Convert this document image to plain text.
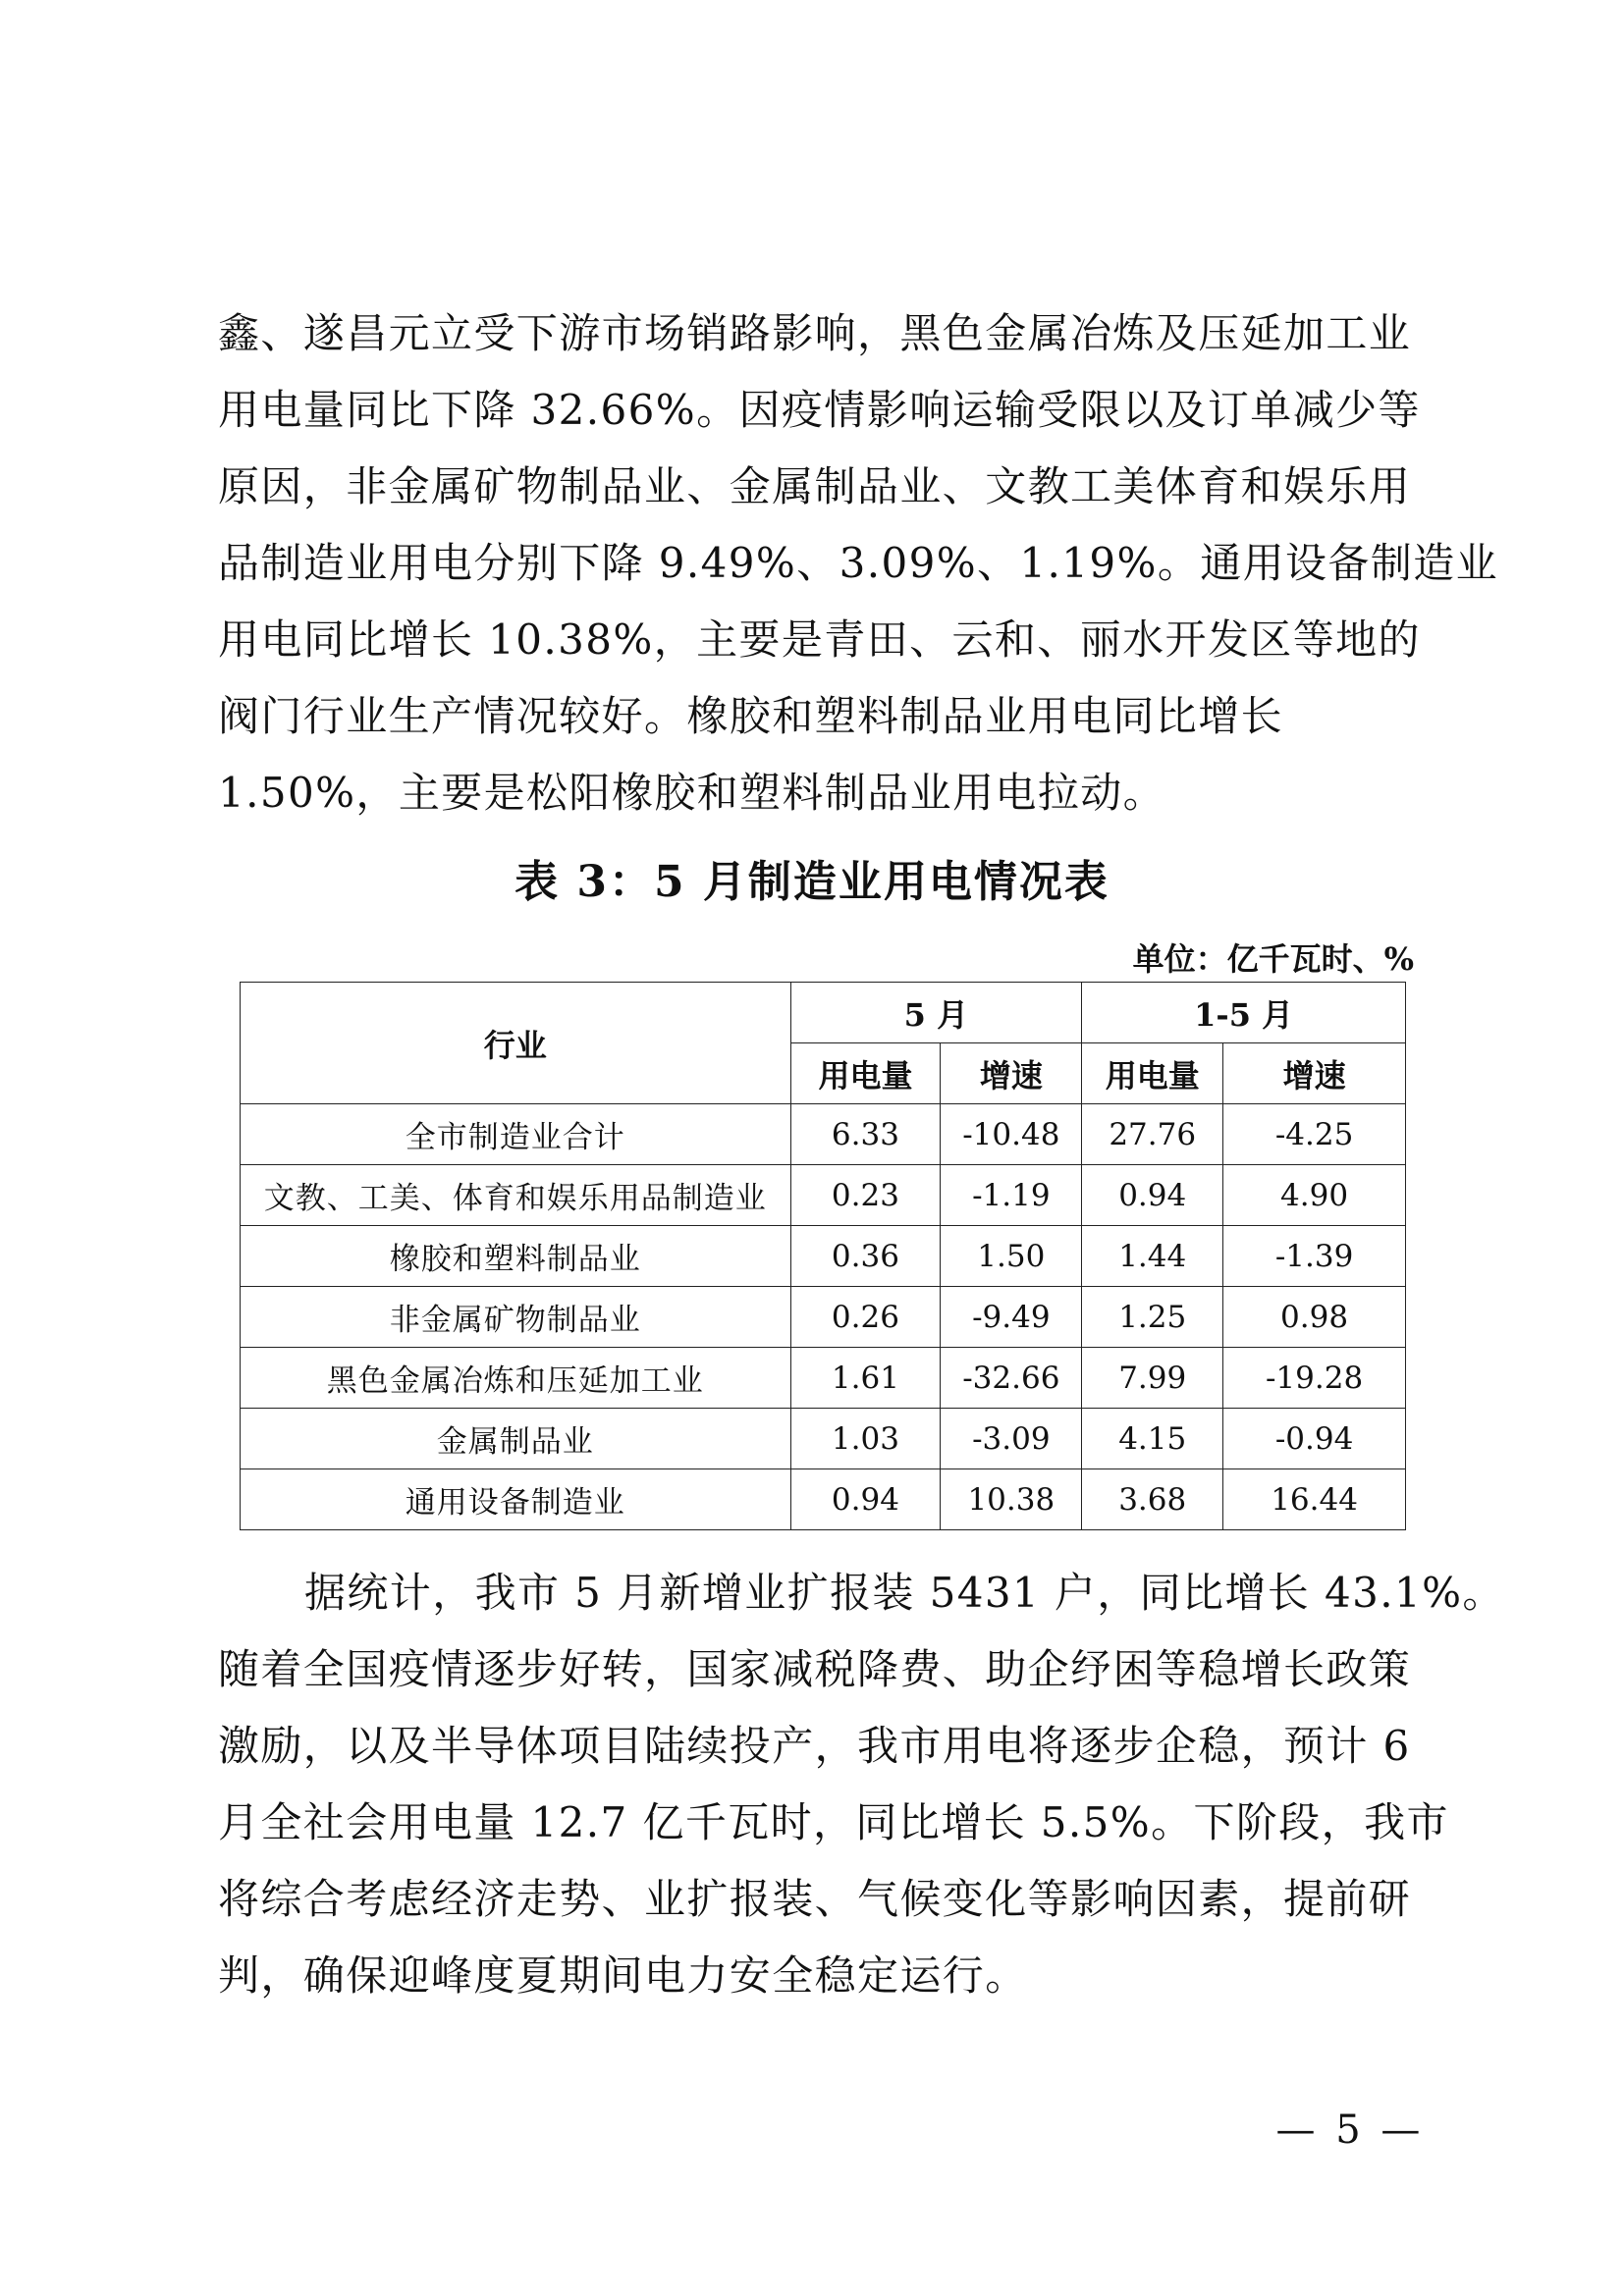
鑫、遂昌元立受下游市场销路影响，黑色金属冶炼及压延加工业
用电量同比下降 32.66%。因疫情影响运输受限以及订单减少等
原因，非金属矿物制品业、金属制品业、文教工美体育和娱乐用
品制造业用电分别下降 9.49%、3.09%、1.19%。通用设备制造业
用电同比增长 10.38%，主要是青田、云和、丽水开发区等地的
阀门行业生产情况较好。橡胶和塑料制品业用电同比增长
1.50%，主要是松阳橡胶和塑料制品业用电拉动。
表 3：5 月制造业用电情况表
单位：亿千瓦时、%
行业	5 月		1-5 月	
	用电量	增速	用电量	增速
全市制造业合计	6.33	-10.48	27.76	-4.25
文教、工美、体育和娱乐用品制造业	0.23	-1.19	0.94	4.90
橡胶和塑料制品业	0.36	1.50	1.44	-1.39
非金属矿物制品业	0.26	-9.49	1.25	0.98
黑色金属冶炼和压延加工业	1.61	-32.66	7.99	-19.28
金属制品业	1.03	-3.09	4.15	-0.94
通用设备制造业	0.94	10.38	3.68	16.44
据统计，我市 5 月新增业扩报装 5431 户，同比增长 43.1%。
随着全国疫情逐步好转，国家减税降费、助企纾困等稳增长政策
激励，以及半导体项目陆续投产，我市用电将逐步企稳，预计 6
月全社会用电量 12.7 亿千瓦时，同比增长 5.5%。下阶段，我市
将综合考虑经济走势、业扩报装、气候变化等影响因素，提前研
判，确保迎峰度夏期间电力安全稳定运行。
— 5 —
